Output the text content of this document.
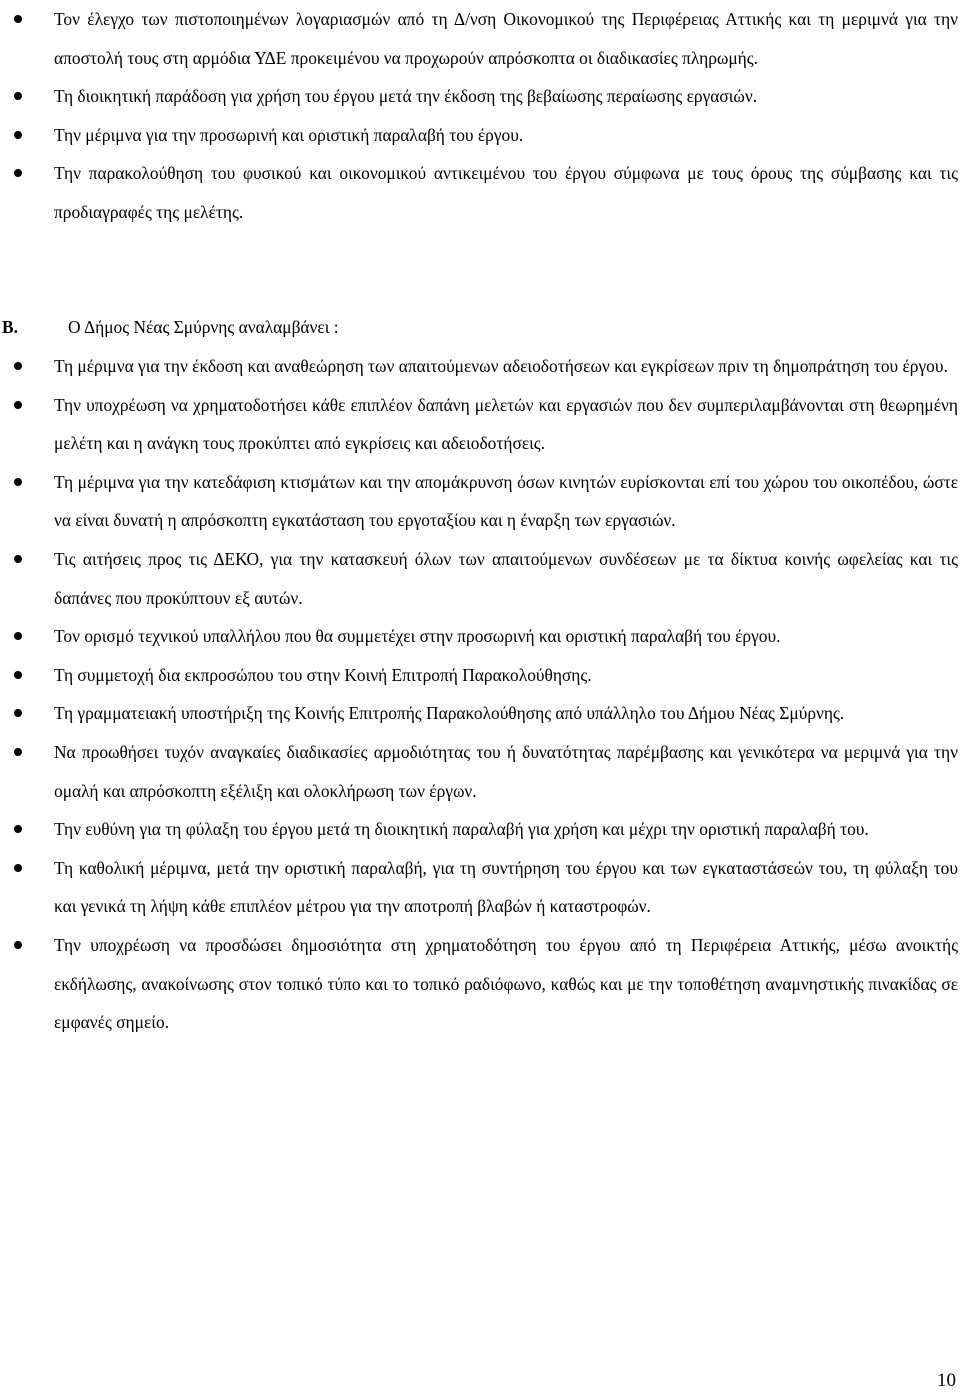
Τον έλεγχο των πιστοποιημένων λογαριασμών από τη Δ/νση Οικονομικού της Περιφέρειας Αττικής και τη μεριμνά για την αποστολή τους στη αρμόδια ΥΔΕ προκειμένου να προχωρούν απρόσκοπτα οι διαδικασίες πληρωμής.
Τη διοικητική παράδοση για χρήση του έργου μετά την έκδοση της βεβαίωσης περαίωσης εργασιών.
Την μέριμνα για την προσωρινή και οριστική παραλαβή του έργου.
Την παρακολούθηση του φυσικού και οικονομικού αντικειμένου του έργου σύμφωνα με τους όρους της σύμβασης και τις προδιαγραφές της μελέτης.
Β.	Ο Δήμος Νέας Σμύρνης αναλαμβάνει :
Τη μέριμνα για την έκδοση και αναθεώρηση των απαιτούμενων αδειοδοτήσεων και εγκρίσεων πριν τη δημοπράτηση του έργου.
Την υποχρέωση να χρηματοδοτήσει κάθε επιπλέον δαπάνη μελετών και εργασιών που δεν συμπεριλαμβάνονται στη θεωρημένη μελέτη και η ανάγκη τους προκύπτει από εγκρίσεις και αδειοδοτήσεις.
Τη μέριμνα για την κατεδάφιση κτισμάτων και την απομάκρυνση όσων κινητών ευρίσκονται επί του χώρου του οικοπέδου, ώστε να είναι δυνατή η απρόσκοπτη εγκατάσταση του εργοταξίου και η έναρξη των εργασιών.
Τις αιτήσεις προς τις ΔΕΚΟ, για την κατασκευή όλων των απαιτούμενων συνδέσεων με τα δίκτυα κοινής ωφελείας και τις δαπάνες που προκύπτουν εξ αυτών.
Τον ορισμό τεχνικού υπαλλήλου που θα συμμετέχει στην προσωρινή και οριστική παραλαβή του έργου.
Τη συμμετοχή δια εκπροσώπου του στην Κοινή Επιτροπή Παρακολούθησης.
Τη γραμματειακή υποστήριξη της Κοινής Επιτροπής Παρακολούθησης από υπάλληλο του Δήμου Νέας Σμύρνης.
Να προωθήσει τυχόν αναγκαίες διαδικασίες αρμοδιότητας του ή δυνατότητας παρέμβασης και γενικότερα να μεριμνά για την ομαλή και απρόσκοπτη εξέλιξη και ολοκλήρωση των έργων.
Την ευθύνη για τη φύλαξη του έργου μετά τη διοικητική παραλαβή για χρήση και μέχρι την οριστική παραλαβή του.
Τη καθολική μέριμνα, μετά την οριστική παραλαβή, για τη συντήρηση του έργου και των εγκαταστάσεών του, τη φύλαξη του και γενικά τη λήψη κάθε επιπλέον μέτρου για την αποτροπή βλαβών ή καταστροφών.
Την υποχρέωση να προσδώσει δημοσιότητα στη χρηματοδότηση του έργου από τη Περιφέρεια Αττικής, μέσω ανοικτής εκδήλωσης, ανακοίνωσης στον τοπικό τύπο και το τοπικό ραδιόφωνο, καθώς και με την τοποθέτηση αναμνηστικής πινακίδας σε εμφανές σημείο.
10
